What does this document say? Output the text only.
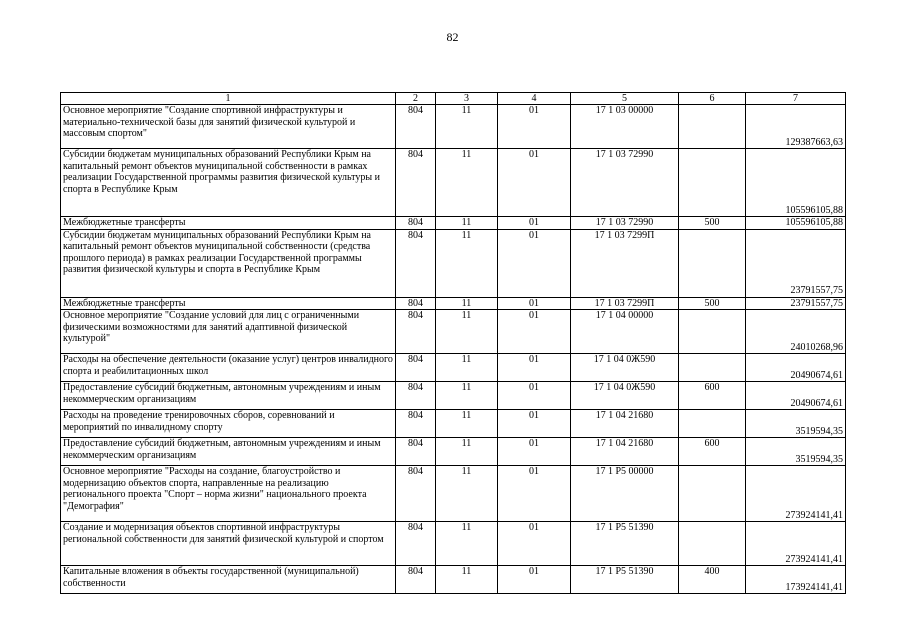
82
1	2	3	4	5	6	7
Основное мероприятие "Создание спортивной инфраструктуры и материально-технической базы для занятий физической культурой и массовым спортом"	804	11	01	17 1 03 00000		129387663,63
Субсидии бюджетам муниципальных образований Республики Крым на капитальный ремонт объектов муниципальной собственности в рамках реализации Государственной программы развития физической культуры и спорта в Республике Крым	804	11	01	17 1 03 72990		105596105,88
Межбюджетные трансферты	804	11	01	17 1 03 72990	500	105596105,88
Субсидии бюджетам муниципальных образований Республики Крым на капитальный ремонт объектов муниципальной собственности (средства прошлого периода) в рамках реализации Государственной программы развития физической культуры и спорта в Республике Крым	804	11	01	17 1 03 7299П		23791557,75
Межбюджетные трансферты	804	11	01	17 1 03 7299П	500	23791557,75
Основное мероприятие "Создание условий для лиц с ограниченными физическими возможностями для занятий адаптивной физической культурой"	804	11	01	17 1 04 00000		24010268,96
Расходы на обеспечение деятельности (оказание услуг) центров инвалидного спорта и реабилитационных школ	804	11	01	17 1 04 0Ж590		20490674,61
Предоставление субсидий бюджетным, автономным учреждениям и иным некоммерческим организациям	804	11	01	17 1 04 0Ж590	600	20490674,61
Расходы на проведение тренировочных сборов, соревнований и мероприятий по инвалидному спорту	804	11	01	17 1 04 21680		3519594,35
Предоставление субсидий бюджетным, автономным учреждениям и иным некоммерческим организациям	804	11	01	17 1 04 21680	600	3519594,35
Основное мероприятие "Расходы на создание, благоустройство и модернизацию объектов спорта, направленные на реализацию регионального проекта "Спорт – норма жизни" национального проекта "Демография"	804	11	01	17 1 P5 00000		273924141,41
Создание и модернизация объектов спортивной инфраструктуры региональной собственности для занятий физической культурой и спортом	804	11	01	17 1 P5 51390		273924141,41
Капитальные вложения в объекты государственной (муниципальной) собственности	804	11	01	17 1 P5 51390	400	173924141,41
